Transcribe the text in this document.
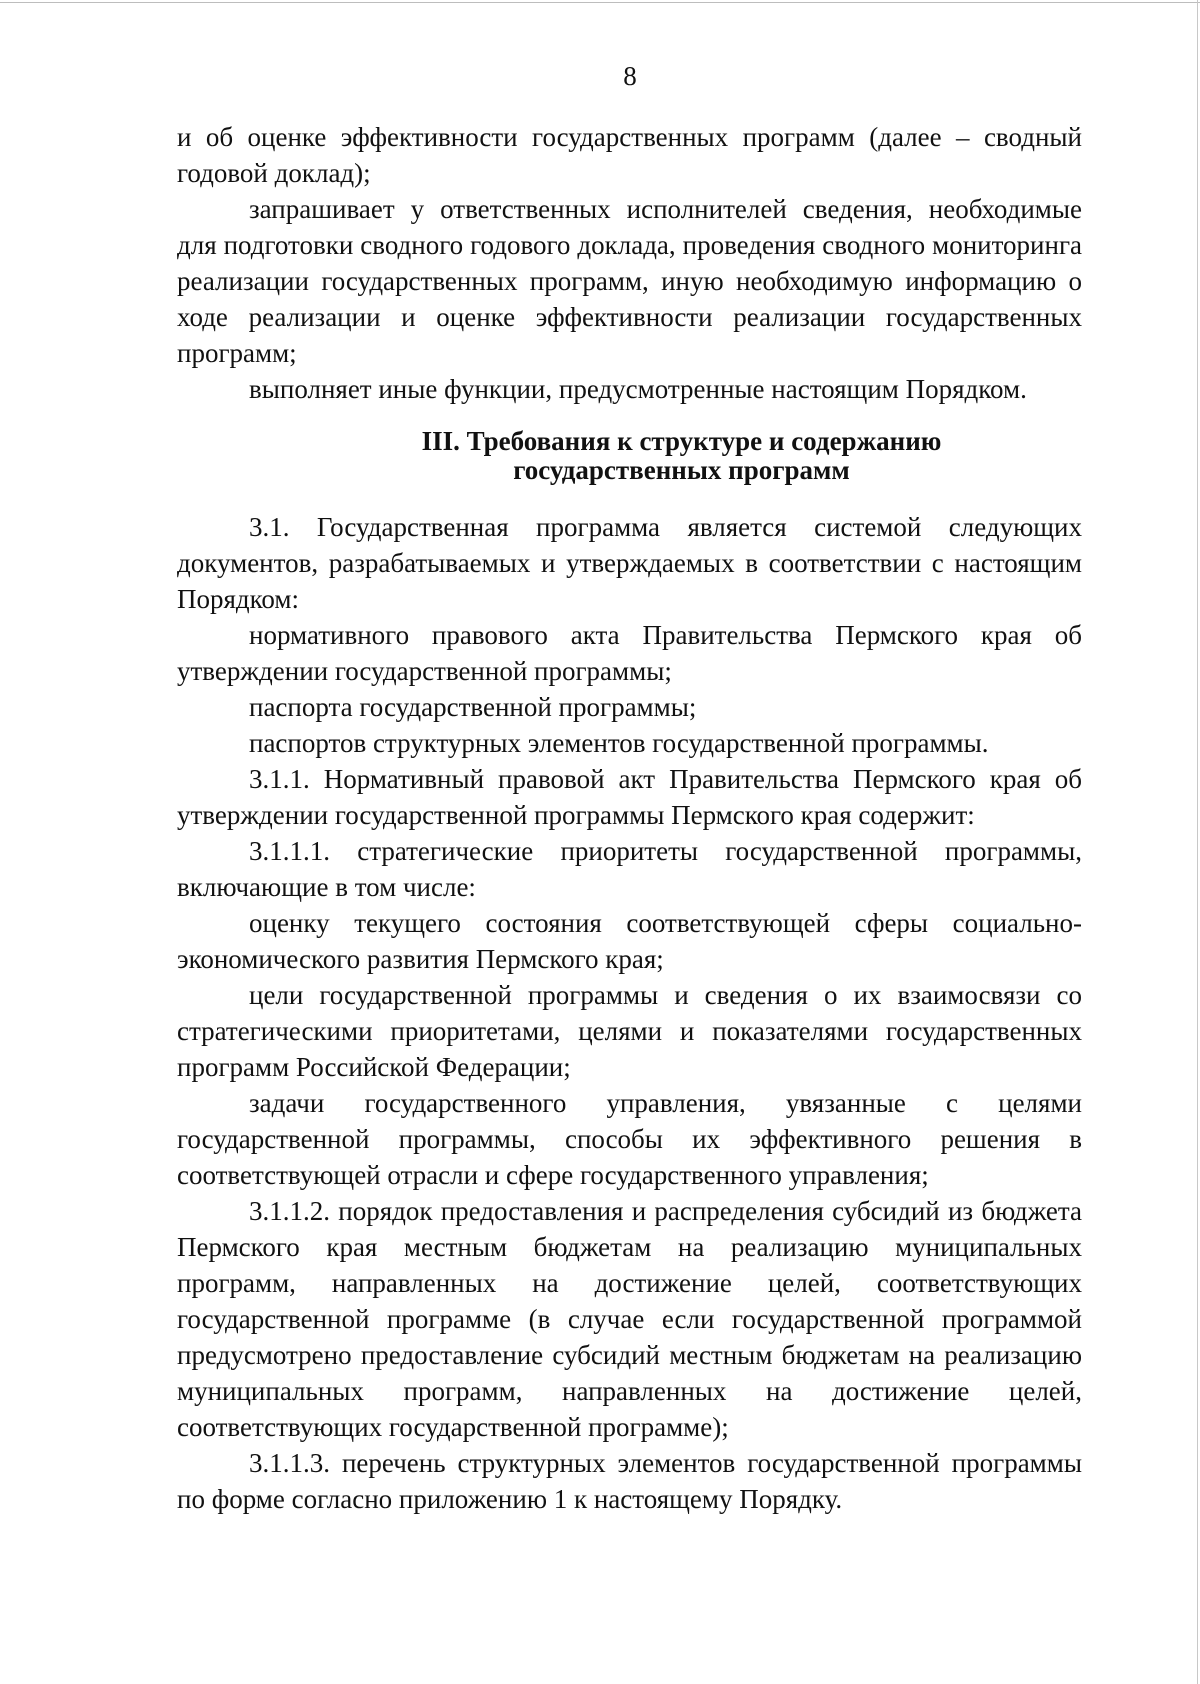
8

и об оценке эффективности государственных программ (далее – сводный годовой доклад);

запрашивает у ответственных исполнителей сведения, необходимые для подготовки сводного годового доклада, проведения сводного мониторинга реализации государственных программ, иную необходимую информацию о ходе реализации и оценке эффективности реализации государственных программ;

выполняет иные функции, предусмотренные настоящим Порядком.

III. Требования к структуре и содержанию
государственных программ

3.1. Государственная программа является системой следующих документов, разрабатываемых и утверждаемых в соответствии с настоящим Порядком:

нормативного правового акта Правительства Пермского края об утверждении государственной программы;

паспорта государственной программы;

паспортов структурных элементов государственной программы.

3.1.1. Нормативный правовой акт Правительства Пермского края об утверждении государственной программы Пермского края содержит:

3.1.1.1. стратегические приоритеты государственной программы, включающие в том числе:

оценку текущего состояния соответствующей сферы социально-экономического развития Пермского края;

цели государственной программы и сведения о их взаимосвязи со стратегическими приоритетами, целями и показателями государственных программ Российской Федерации;

задачи государственного управления, увязанные с целями государственной программы, способы их эффективного решения в соответствующей отрасли и сфере государственного управления;

3.1.1.2. порядок предоставления и распределения субсидий из бюджета Пермского края местным бюджетам на реализацию муниципальных программ, направленных на достижение целей, соответствующих государственной программе (в случае если государственной программой предусмотрено предоставление субсидий местным бюджетам на реализацию муниципальных программ, направленных на достижение целей, соответствующих государственной программе);

3.1.1.3. перечень структурных элементов государственной программы по форме согласно приложению 1 к настоящему Порядку.
